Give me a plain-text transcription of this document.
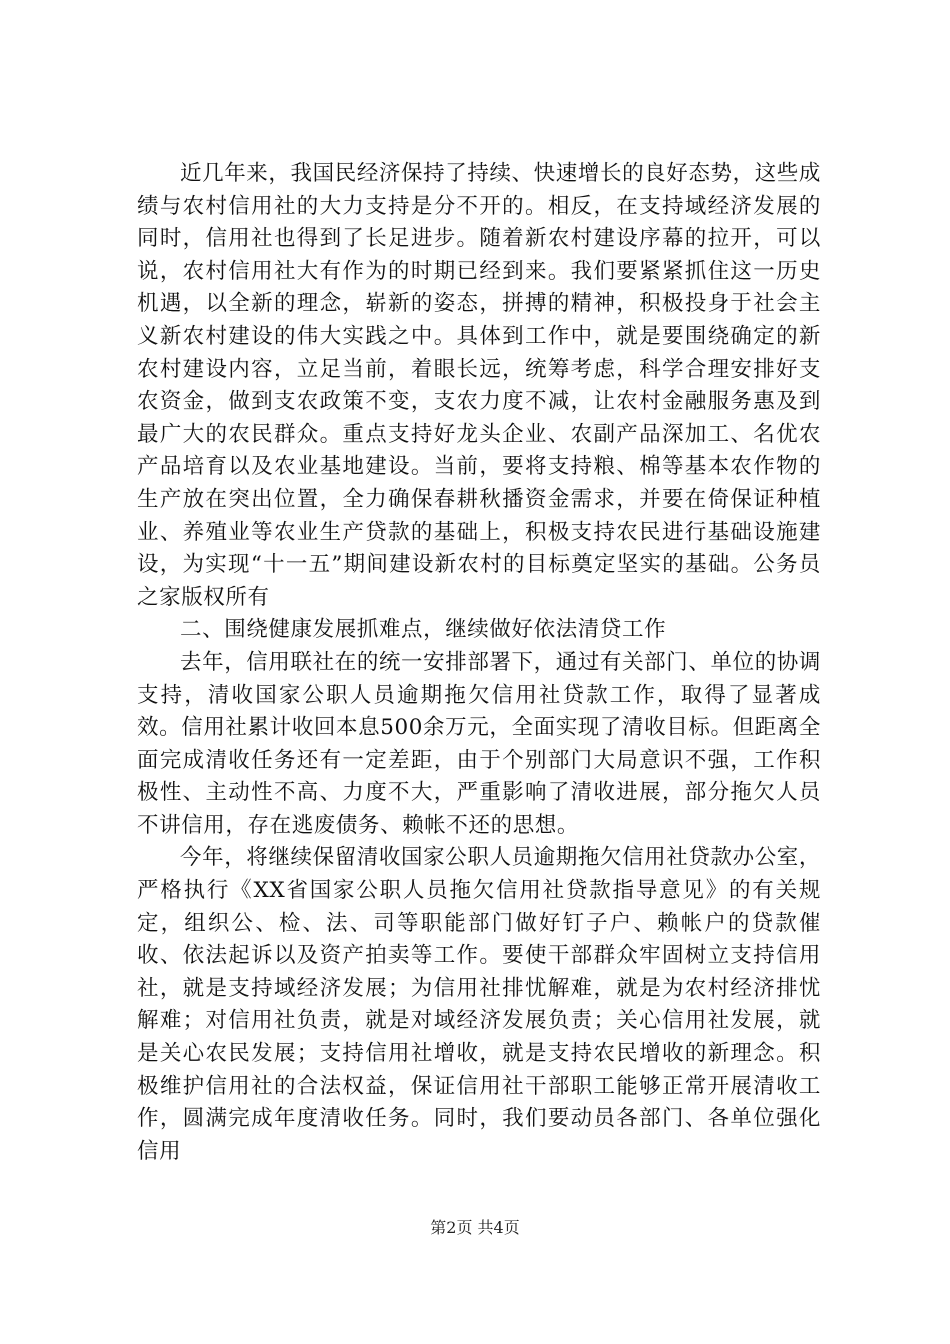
近几年来，我国民经济保持了持续、快速增长的良好态势，这些成绩与农村信用社的大力支持是分不开的。相反，在支持域经济发展的同时，信用社也得到了长足进步。随着新农村建设序幕的拉开，可以说，农村信用社大有作为的时期已经到来。我们要紧紧抓住这一历史机遇，以全新的理念，崭新的姿态，拼搏的精神，积极投身于社会主义新农村建设的伟大实践之中。具体到工作中，就是要围绕确定的新农村建设内容，立足当前，着眼长远，统筹考虑，科学合理安排好支农资金，做到支农政策不变，支农力度不减，让农村金融服务惠及到最广大的农民群众。重点支持好龙头企业、农副产品深加工、名优农产品培育以及农业基地建设。当前，要将支持粮、棉等基本农作物的生产放在突出位置，全力确保春耕秋播资金需求，并要在倚保证种植业、养殖业等农业生产贷款的基础上，积极支持农民进行基础设施建设，为实现“十一五”期间建设新农村的目标奠定坚实的基础。公务员之家版权所有

二、围绕健康发展抓难点，继续做好依法清贷工作

去年，信用联社在的统一安排部署下，通过有关部门、单位的协调支持，清收国家公职人员逾期拖欠信用社贷款工作，取得了显著成效。信用社累计收回本息500余万元，全面实现了清收目标。但距离全面完成清收任务还有一定差距，由于个别部门大局意识不强，工作积极性、主动性不高、力度不大，严重影响了清收进展，部分拖欠人员不讲信用，存在逃废债务、赖帐不还的思想。

今年，将继续保留清收国家公职人员逾期拖欠信用社贷款办公室，严格执行《XX省国家公职人员拖欠信用社贷款指导意见》的有关规定，组织公、检、法、司等职能部门做好钉子户、赖帐户的贷款催收、依法起诉以及资产拍卖等工作。要使干部群众牢固树立支持信用社，就是支持域经济发展；为信用社排忧解难，就是为农村经济排忧解难；对信用社负责，就是对域经济发展负责；关心信用社发展，就是关心农民发展；支持信用社增收，就是支持农民增收的新理念。积极维护信用社的合法权益，保证信用社干部职工能够正常开展清收工作，圆满完成年度清收任务。同时，我们要动员各部门、各单位强化信用

第2页 共4页
